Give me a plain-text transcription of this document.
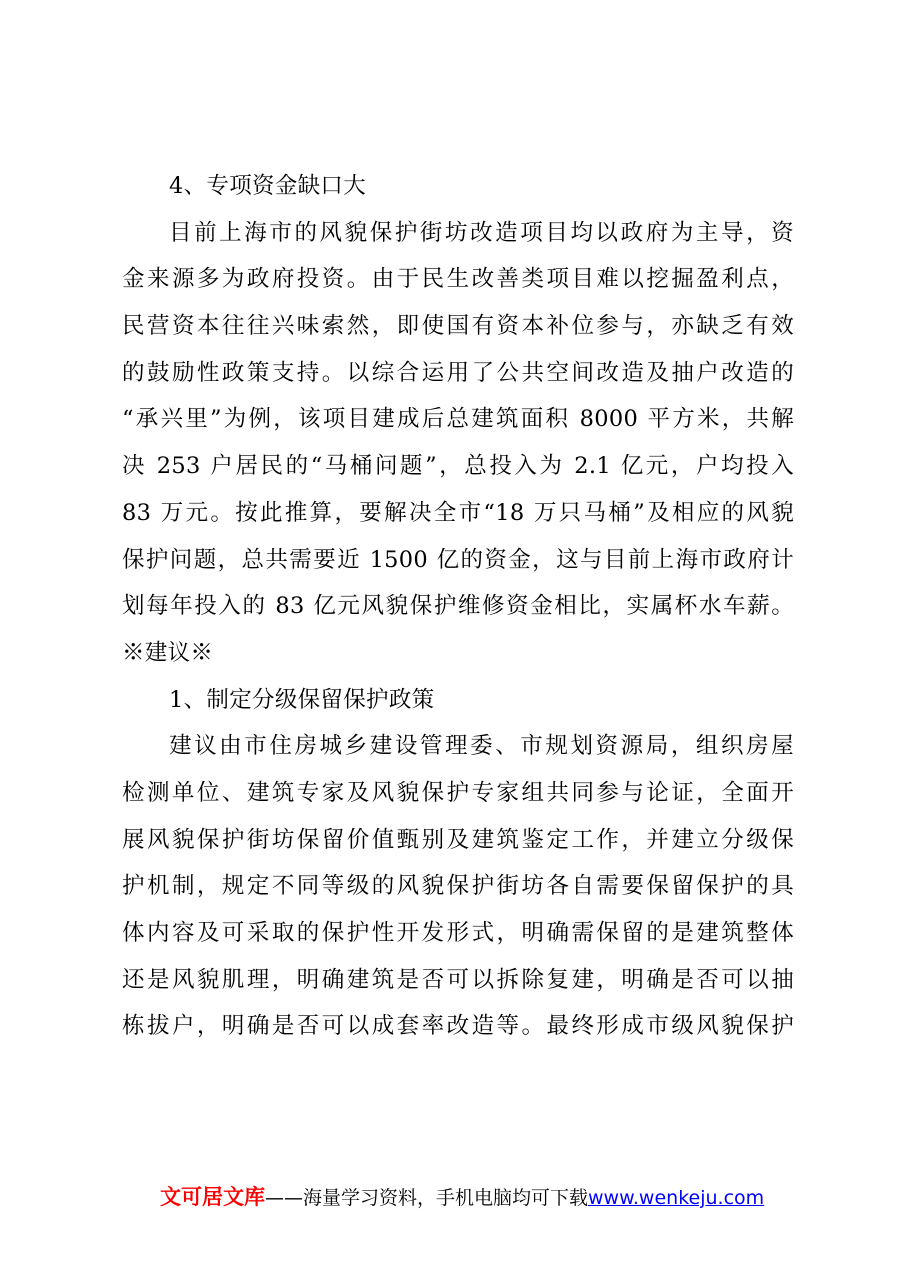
4、专项资金缺口大
目前上海市的风貌保护街坊改造项目均以政府为主导，资
金来源多为政府投资。由于民生改善类项目难以挖掘盈利点，
民营资本往往兴味索然，即使国有资本补位参与，亦缺乏有效
的鼓励性政策支持。以综合运用了公共空间改造及抽户改造的
“承兴里”为例，该项目建成后总建筑面积 8000 平方米，共解
决 253 户居民的“马桶问题”，总投入为 2.1 亿元，户均投入
83 万元。按此推算，要解决全市“18 万只马桶”及相应的风貌
保护问题，总共需要近 1500 亿的资金，这与目前上海市政府计
划每年投入的 83 亿元风貌保护维修资金相比，实属杯水车薪。
※建议※
1、制定分级保留保护政策
建议由市住房城乡建设管理委、市规划资源局，组织房屋
检测单位、建筑专家及风貌保护专家组共同参与论证，全面开
展风貌保护街坊保留价值甄别及建筑鉴定工作，并建立分级保
护机制，规定不同等级的风貌保护街坊各自需要保留保护的具
体内容及可采取的保护性开发形式，明确需保留的是建筑整体
还是风貌肌理，明确建筑是否可以拆除复建，明确是否可以抽
栋拔户，明确是否可以成套率改造等。最终形成市级风貌保护
文可居文库——海量学习资料，手机电脑均可下载www.wenkeju.com
